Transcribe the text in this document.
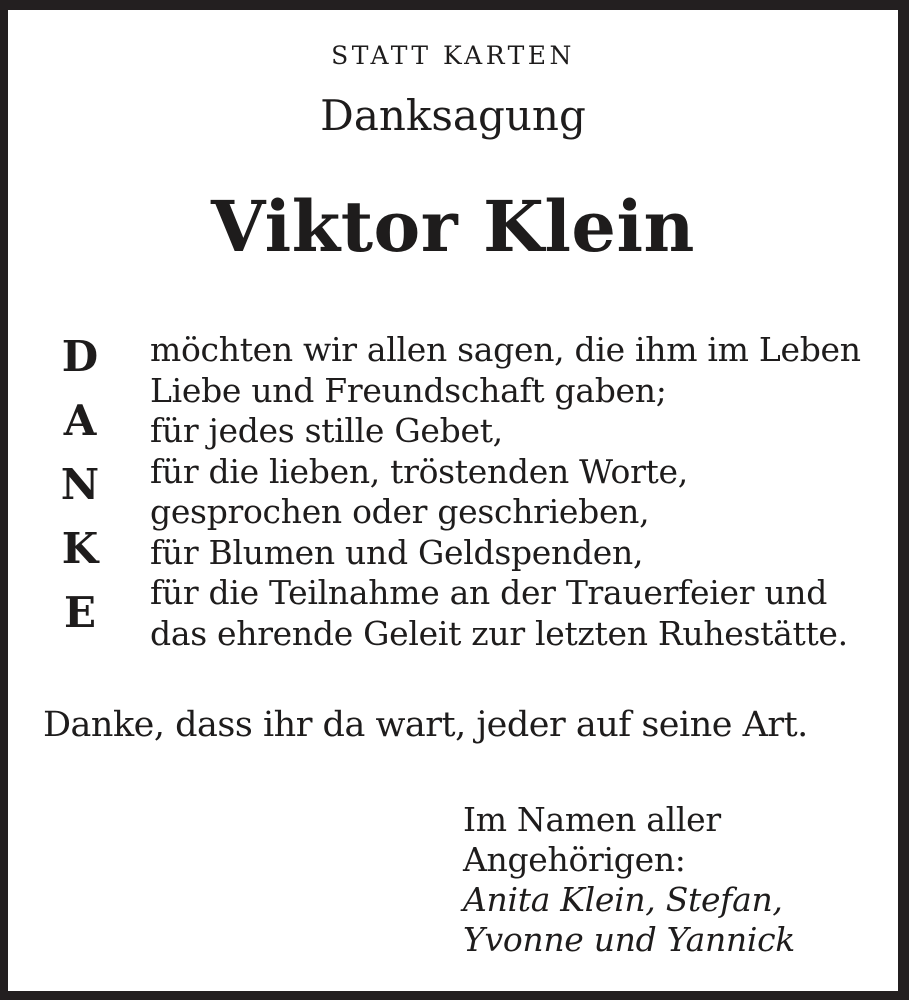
STATT KARTEN
Danksagung
Viktor Klein
D
A
N
K
E
möchten wir allen sagen, die ihm im Leben
Liebe und Freundschaft gaben;
für jedes stille Gebet,
für die lieben, tröstenden Worte,
gesprochen oder geschrieben,
für Blumen und Geldspenden,
für die Teilnahme an der Trauerfeier und
das ehrende Geleit zur letzten Ruhestätte.
Danke, dass ihr da wart, jeder auf seine Art.
Im Namen aller
Angehörigen:
Anita Klein, Stefan,
Yvonne und Yannick
